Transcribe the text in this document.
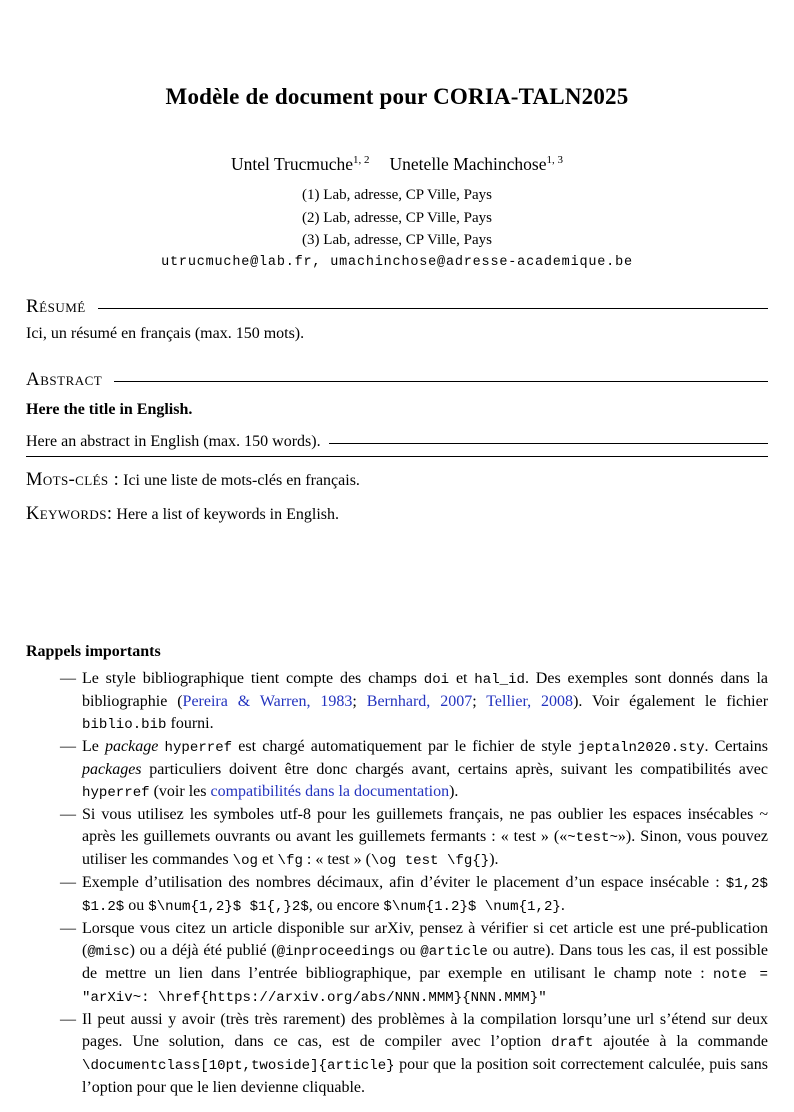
Modèle de document pour CORIA-TALN2025
Untel Trucmuche$^{1, 2}$ Unetelle Machinchose$^{1, 3}$
(1) Lab, adresse, CP Ville, Pays
(2) Lab, adresse, CP Ville, Pays
(3) Lab, adresse, CP Ville, Pays
utrucmuche@lab.fr, umachinchose@adresse-academique.be
Résumé

Ici, un résumé en français (max. 150 mots).

Abstract

Here the title in English.

Here an abstract in English (max. 150 words).

Mots-clés : Ici une liste de mots-clés en français.

Keywords: Here a list of keywords in English.

Rappels importants
— Le style bibliographique tient compte des champs doi et hal_id. Des exemples sont donnés dans la bibliographie (Pereira & Warren, 1983; Bernhard, 2007; Tellier, 2008). Voir également le fichier biblio.bib fourni.
— Le package hyperref est chargé automatiquement par le fichier de style jeptaln2020.sty. Certains packages particuliers doivent être donc chargés avant, certains après, suivant les compatibilités avec hyperref (voir les compatibilités dans la documentation).
— Si vous utilisez les symboles utf-8 pour les guillemets français, ne pas oublier les espaces insécables ~ après les guillemets ouvrants ou avant les guillemets fermants : « test » («~test~»). Sinon, vous pouvez utiliser les commandes \og et \fg : « test » (\og test \fg{}).
— Exemple d’utilisation des nombres décimaux, afin d’éviter le placement d’un espace insécable : $1,2$ $1.2$ ou $\num{1,2}$ $1{,}2$, ou encore $\num{1.2}$ \num{1,2}.
— Lorsque vous citez un article disponible sur arXiv, pensez à vérifier si cet article est une pré-publication (@misc) ou a déjà été publié (@inproceedings ou @article ou autre). Dans tous les cas, il est possible de mettre un lien dans l’entrée bibliographique, par exemple en utilisant le champ note : note = "arXiv~: \href{https://arxiv.org/abs/NNN.MMM}{NNN.MMM}"
— Il peut aussi y avoir (très très rarement) des problèmes à la compilation lorsqu’une url s’étend sur deux pages. Une solution, dans ce cas, est de compiler avec l’option draft ajoutée à la commande \documentclass[10pt,twoside]{article} pour que la position soit correctement calculée, puis sans l’option pour que le lien devienne cliquable.
